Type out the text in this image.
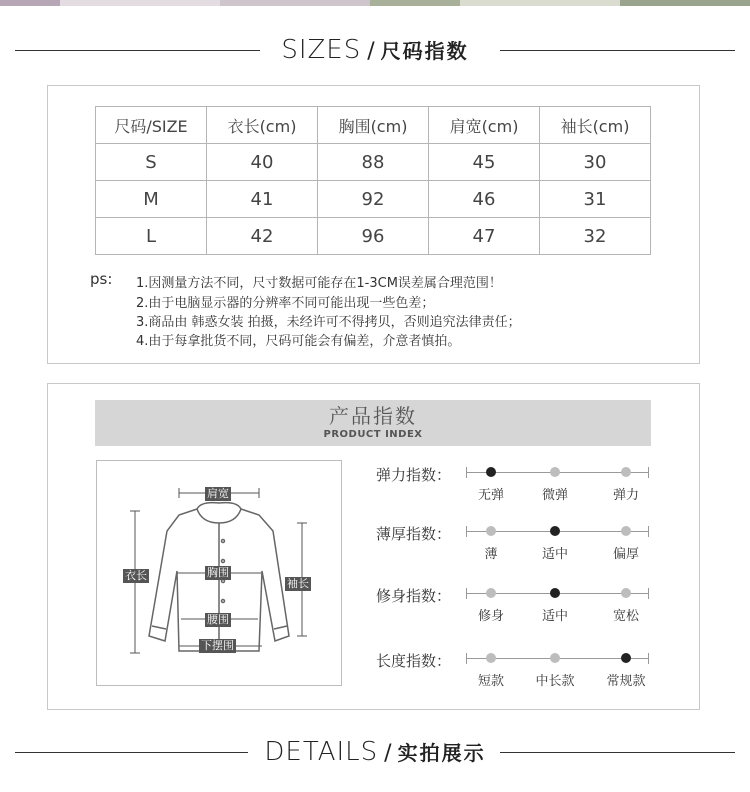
SIZES / 尺码指数
尺码/SIZE	衣长(cm)	胸围(cm)	肩宽(cm)	袖长(cm)
S	40	88	45	30
M	41	92	46	31
L	42	96	47	32
ps: 1.因测量方法不同，尺寸数据可能存在1-3CM误差属合理范围！
2.由于电脑显示器的分辨率不同可能出现一些色差；
3.商品由 韩惑女装 拍摄，未经许可不得拷贝，否则追究法律责任；
4.由于每拿批货不同，尺码可能会有偏差，介意者慎拍。
产品指数
PRODUCT INDEX
肩宽
胸围
腰围
下摆围
衣长
袖长
弹力指数：
无弹	微弹	弹力
薄厚指数：
薄	适中	偏厚
修身指数：
修身	适中	宽松
长度指数：
短款	中长款	常规款
DETAILS / 实拍展示
